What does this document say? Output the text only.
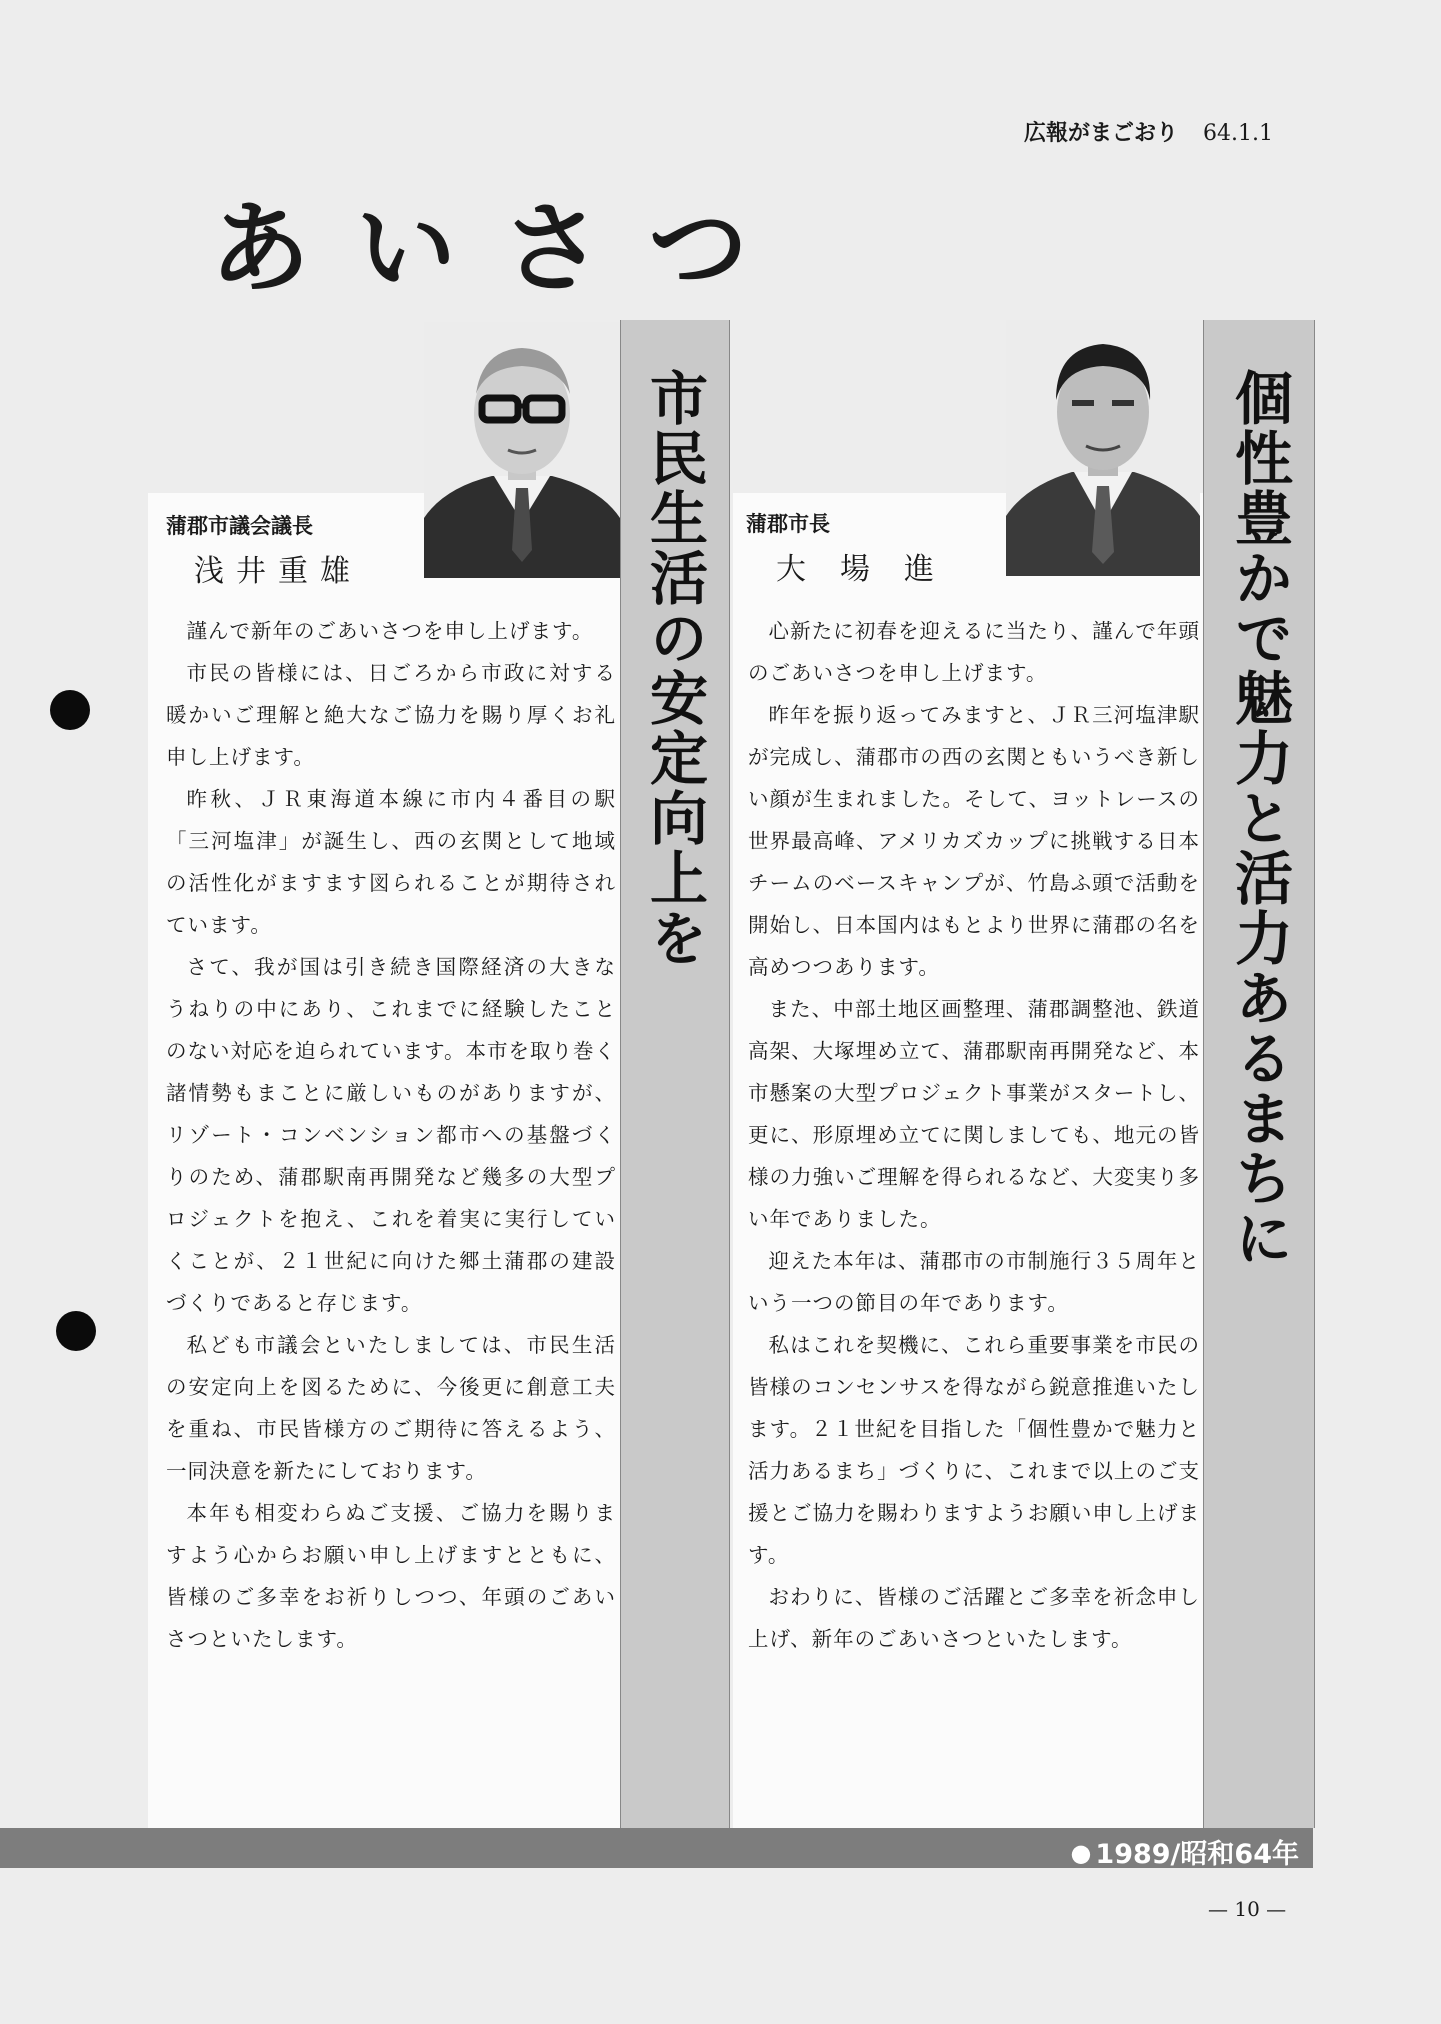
広報がまごおり 64.1.1
あいさつ
市民生活の安定向上を
蒲郡市議会議長
浅井重雄

謹んで新年のごあいさつを申し上げます。

市民の皆様には、日ごろから市政に対する暖かいご理解と絶大なご協力を賜り厚くお礼申し上げます。

昨秋、ＪＲ東海道本線に市内４番目の駅「三河塩津」が誕生し、西の玄関として地域の活性化がますます図られることが期待されています。

さて、我が国は引き続き国際経済の大きなうねりの中にあり、これまでに経験したことのない対応を迫られています。本市を取り巻く諸情勢もまことに厳しいものがありますが、リゾート・コンベンション都市への基盤づくりのため、蒲郡駅南再開発など幾多の大型プロジェクトを抱え、これを着実に実行していくことが、２１世紀に向けた郷土蒲郡の建設づくりであると存じます。

私ども市議会といたしましては、市民生活の安定向上を図るために、今後更に創意工夫を重ね、市民皆様方のご期待に答えるよう、一同決意を新たにしております。

本年も相変わらぬご支援、ご協力を賜りますよう心からお願い申し上げますとともに、皆様のご多幸をお祈りしつつ、年頭のごあいさつといたします。

個性豊かで魅力と活力あるまちに
蒲郡市長
大場進

心新たに初春を迎えるに当たり、謹んで年頭のごあいさつを申し上げます。

昨年を振り返ってみますと、ＪＲ三河塩津駅が完成し、蒲郡市の西の玄関ともいうべき新しい顔が生まれました。そして、ヨットレースの世界最高峰、アメリカズカップに挑戦する日本チームのベースキャンプが、竹島ふ頭で活動を開始し、日本国内はもとより世界に蒲郡の名を高めつつあります。

また、中部土地区画整理、蒲郡調整池、鉄道高架、大塚埋め立て、蒲郡駅南再開発など、本市懸案の大型プロジェクト事業がスタートし、更に、形原埋め立てに関しましても、地元の皆様の力強いご理解を得られるなど、大変実り多い年でありました。

迎えた本年は、蒲郡市の市制施行３５周年という一つの節目の年であります。

私はこれを契機に、これら重要事業を市民の皆様のコンセンサスを得ながら鋭意推進いたします。２１世紀を目指した「個性豊かで魅力と活力あるまち」づくりに、これまで以上のご支援とご協力を賜わりますようお願い申し上げます。

おわりに、皆様のご活躍とご多幸を祈念申し上げ、新年のごあいさつといたします。

● 1989/昭和64年
— 10 —
